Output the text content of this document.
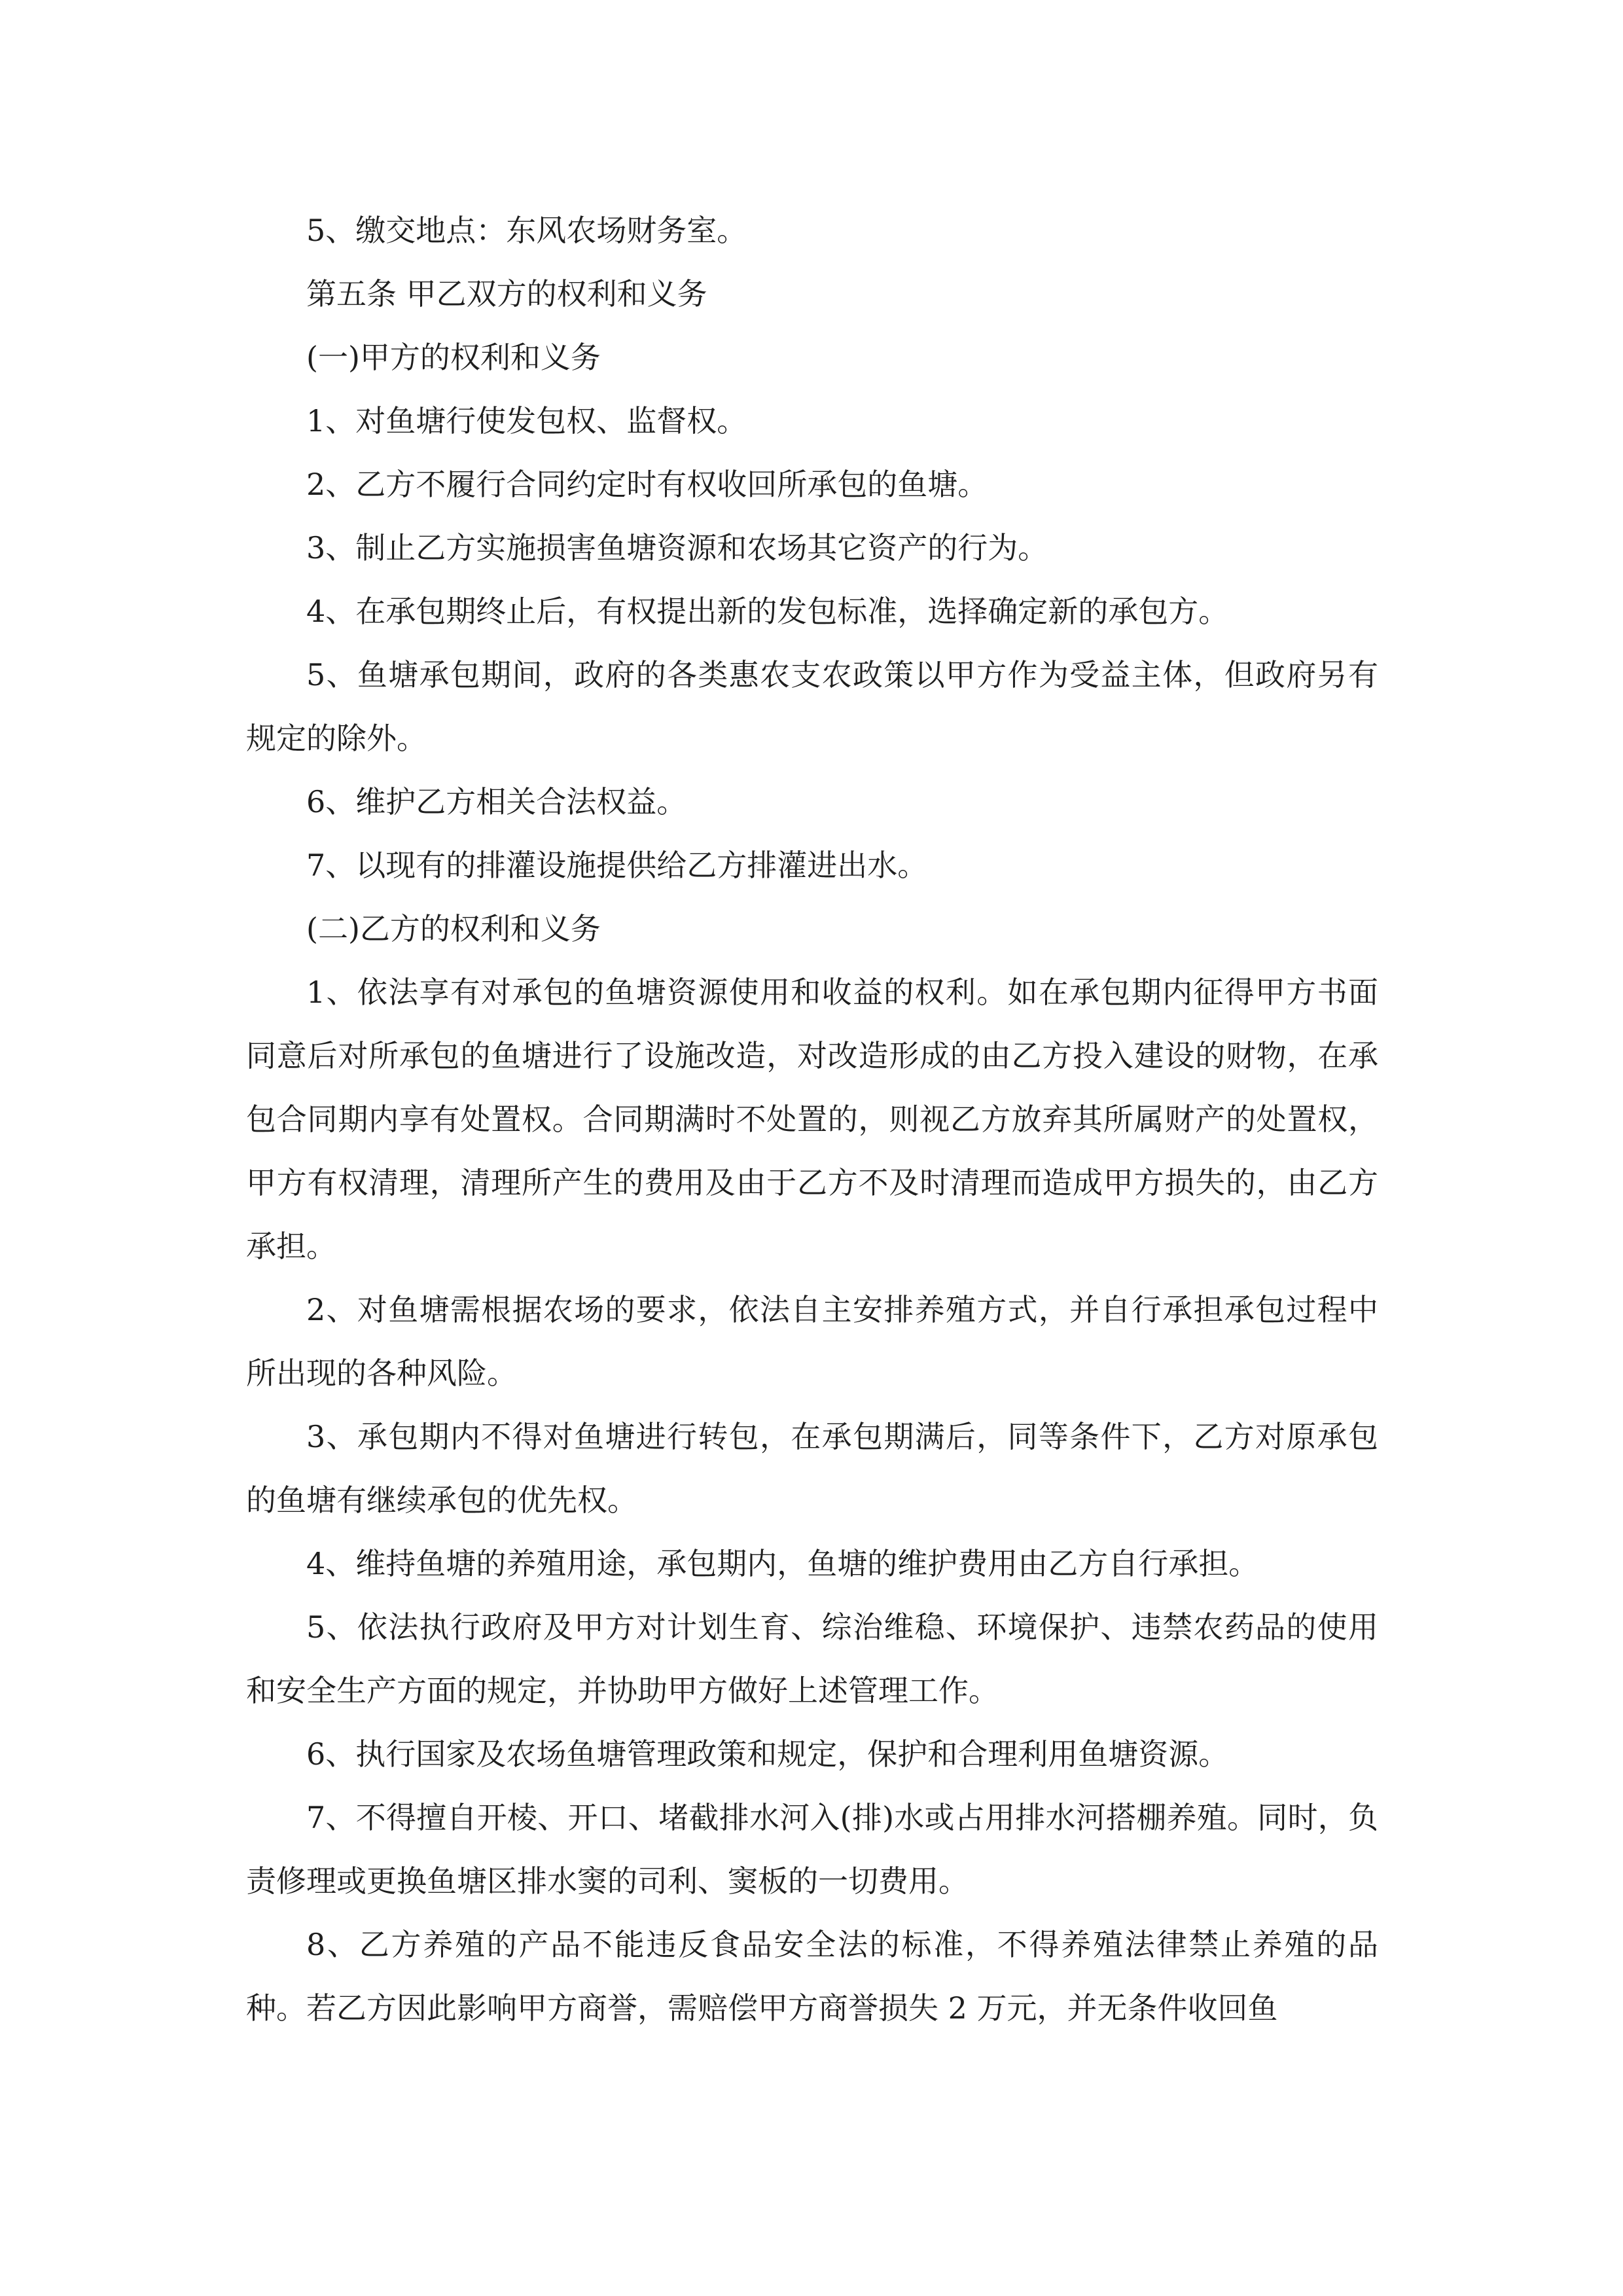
5、缴交地点：东风农场财务室。

第五条 甲乙双方的权利和义务

(一)甲方的权利和义务

1、对鱼塘行使发包权、监督权。

2、乙方不履行合同约定时有权收回所承包的鱼塘。

3、制止乙方实施损害鱼塘资源和农场其它资产的行为。

4、在承包期终止后，有权提出新的发包标准，选择确定新的承包方。

5、鱼塘承包期间，政府的各类惠农支农政策以甲方作为受益主体，但政府另有规定的除外。

6、维护乙方相关合法权益。

7、以现有的排灌设施提供给乙方排灌进出水。

(二)乙方的权利和义务

1、依法享有对承包的鱼塘资源使用和收益的权利。如在承包期内征得甲方书面同意后对所承包的鱼塘进行了设施改造，对改造形成的由乙方投入建设的财物，在承包合同期内享有处置权。合同期满时不处置的，则视乙方放弃其所属财产的处置权，甲方有权清理，清理所产生的费用及由于乙方不及时清理而造成甲方损失的，由乙方承担。

2、对鱼塘需根据农场的要求，依法自主安排养殖方式，并自行承担承包过程中所出现的各种风险。

3、承包期内不得对鱼塘进行转包，在承包期满后，同等条件下，乙方对原承包的鱼塘有继续承包的优先权。

4、维持鱼塘的养殖用途，承包期内，鱼塘的维护费用由乙方自行承担。

5、依法执行政府及甲方对计划生育、综治维稳、环境保护、违禁农药品的使用和安全生产方面的规定，并协助甲方做好上述管理工作。

6、执行国家及农场鱼塘管理政策和规定，保护和合理利用鱼塘资源。

7、不得擅自开棱、开口、堵截排水河入(排)水或占用排水河搭棚养殖。同时，负责修理或更换鱼塘区排水窦的司利、窦板的一切费用。

8、乙方养殖的产品不能违反食品安全法的标准，不得养殖法律禁止养殖的品种。若乙方因此影响甲方商誉，需赔偿甲方商誉损失 2 万元，并无条件收回鱼
